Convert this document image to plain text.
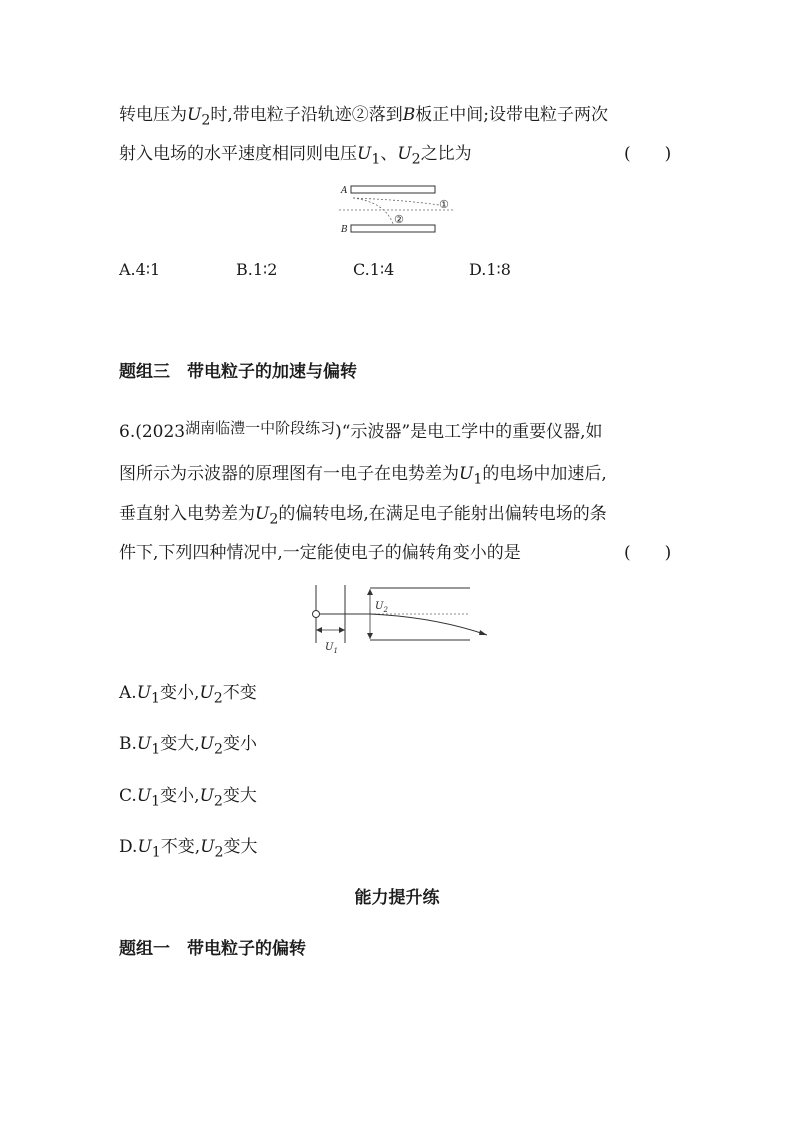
转电压为$U_2$时,带电粒子沿轨迹②落到B板正中间;设带电粒子两次
射入电场的水平速度相同则电压$U_1$、$U_2$之比为	(　　)
A
B
①
②
A.4∶1	B.1∶2	C.1∶4	D.1∶8
题组三　带电粒子的加速与偏转
6.(2023湖南临澧一中阶段练习)“示波器”是电工学中的重要仪器,如
图所示为示波器的原理图有一电子在电势差为$U_1$的电场中加速后,
垂直射入电势差为$U_2$的偏转电场,在满足电子能射出偏转电场的条
件下,下列四种情况中,一定能使电子的偏转角变小的是	(　　)
$U_2$
$U_1$
$A.U_1$变小$,U_2$不变
$B.U_1$变大$,U_2$变小
$C.U_1$变小$,U_2$变大
$D.U_1$不变$,U_2$变大
能力提升练
题组一　带电粒子的偏转
